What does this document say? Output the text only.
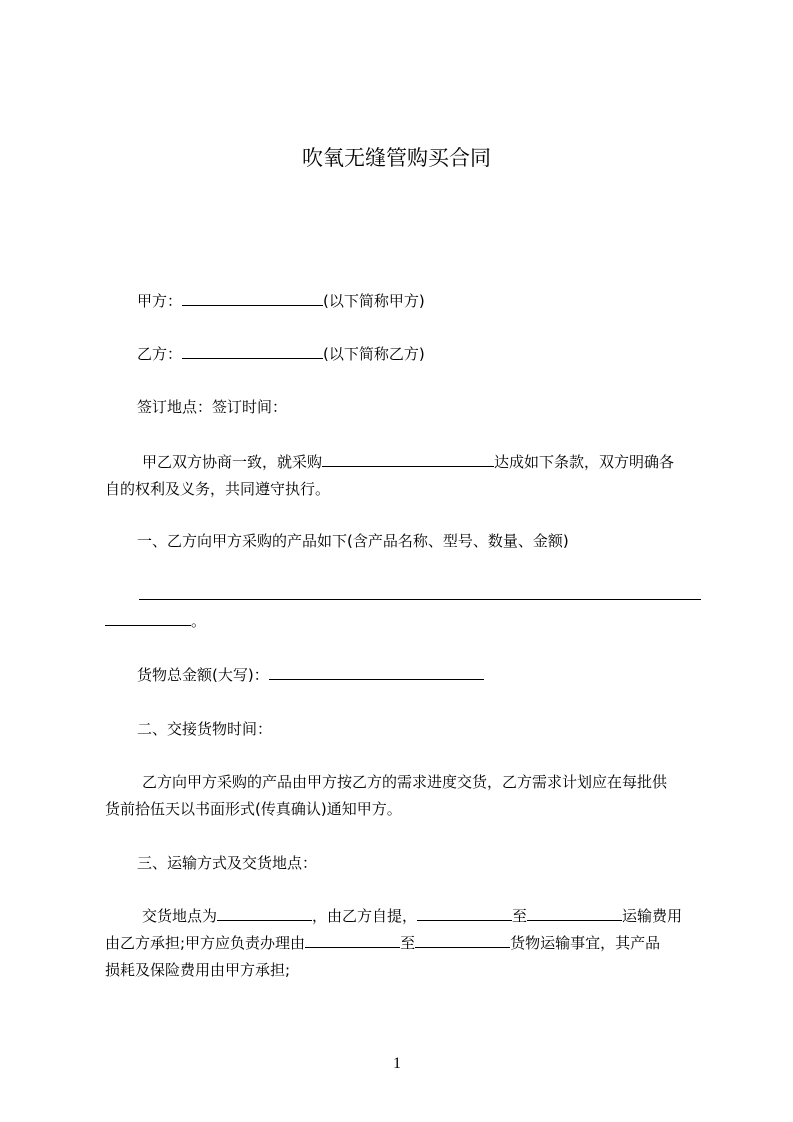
吹氧无缝管购买合同
甲方：	(以下简称甲方)
乙方：	(以下简称乙方)
签订地点：签订时间：
甲乙双方协商一致，就采购	达成如下条款，双方明确各
自的权利及义务，共同遵守执行。
一、乙方向甲方采购的产品如下(含产品名称、型号、数量、金额)
。
货物总金额(大写)：
二、交接货物时间：
乙方向甲方采购的产品由甲方按乙方的需求进度交货，乙方需求计划应在每批供
货前拾伍天以书面形式(传真确认)通知甲方。
三、运输方式及交货地点：
交货地点为	，由乙方自提，	至	运输费用
由乙方承担;甲方应负责办理由	至	货物运输事宜，其产品
损耗及保险费用由甲方承担;
1
